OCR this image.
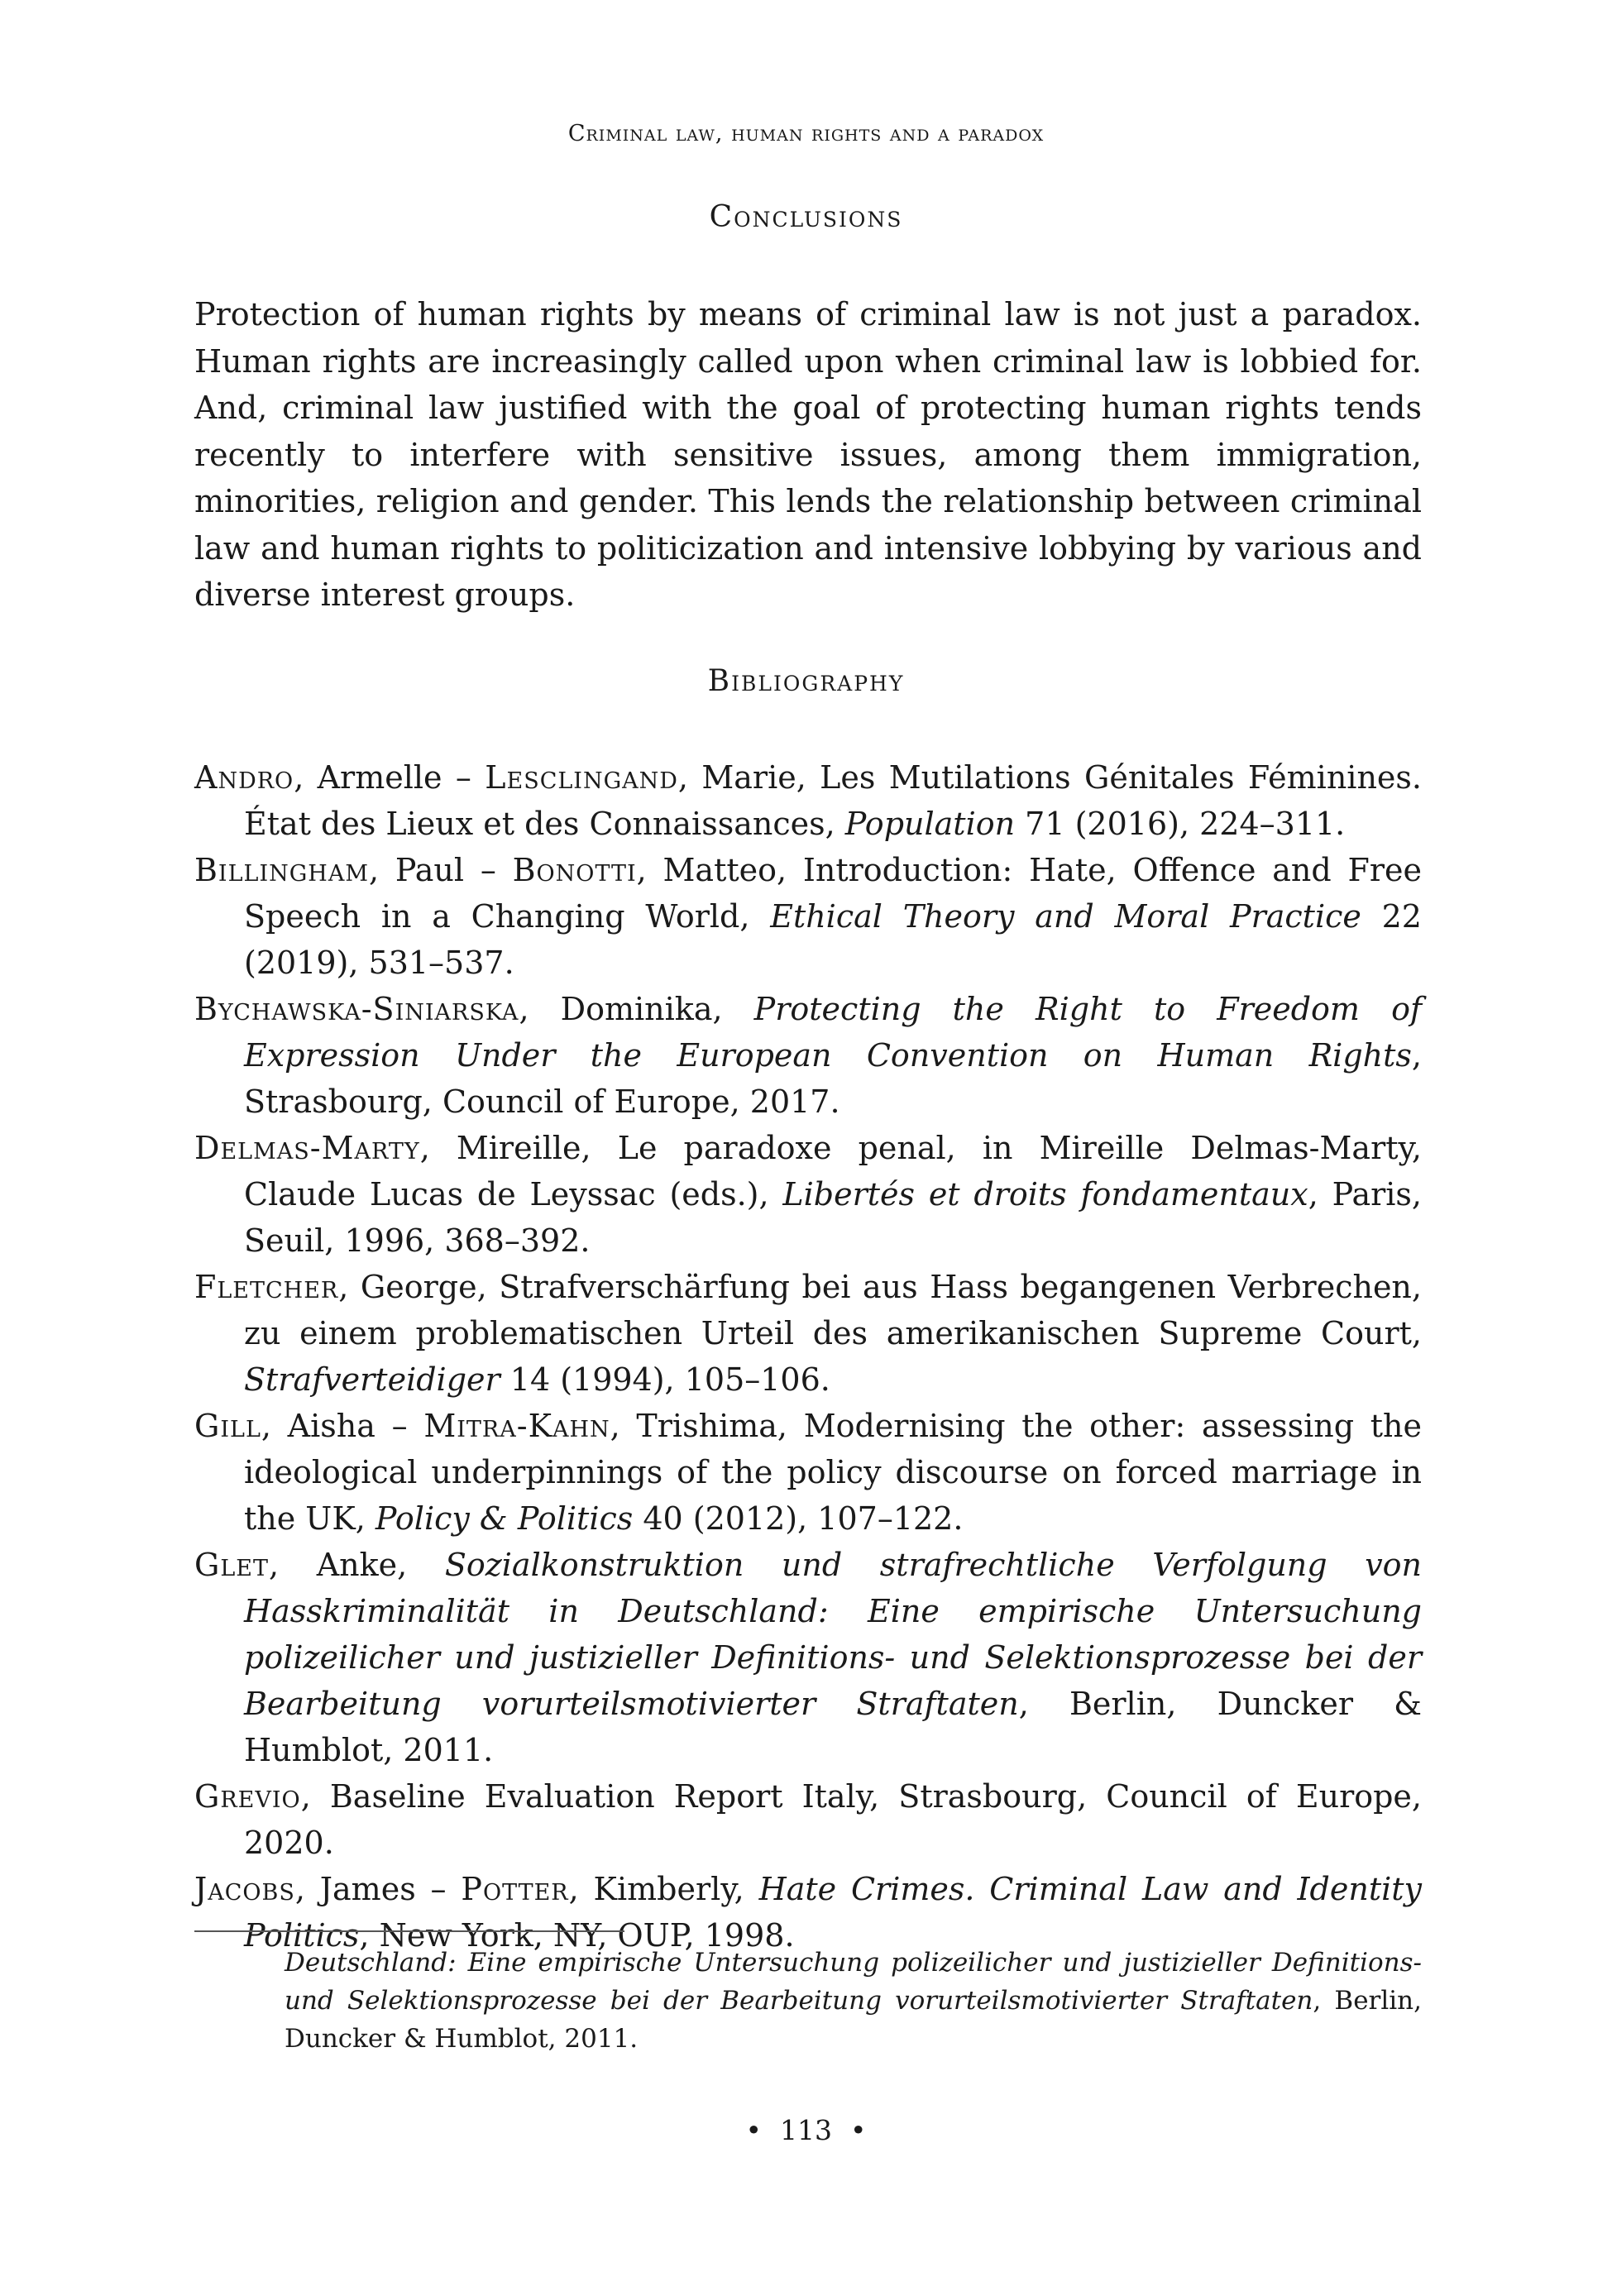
Criminal law, human rights and a paradox
Conclusions

Protection of human rights by means of criminal law is not just a paradox. Human rights are increasingly called upon when criminal law is lobbied for. And, criminal law justified with the goal of protecting human rights tends recently to interfere with sensitive issues, among them immigration, minorities, religion and gender. This lends the relationship between criminal law and human rights to politicization and intensive lobbying by various and diverse interest groups.

Bibliography

Andro, Armelle – Lesclingand, Marie, Les Mutilations Génitales Féminines. État des Lieux et des Connaissances, Population 71 (2016), 224–311.

Billingham, Paul – Bonotti, Matteo, Introduction: Hate, Offence and Free Speech in a Changing World, Ethical Theory and Moral Practice 22 (2019), 531–537.

Bychawska-Siniarska, Dominika, Protecting the Right to Freedom of Expression Under the European Convention on Human Rights, Strasbourg, Council of Europe, 2017.

Delmas-Marty, Mireille, Le paradoxe penal, in Mireille Delmas-Marty, Claude Lucas de Leyssac (eds.), Libertés et droits fondamentaux, Paris, Seuil, 1996, 368–392.

Fletcher, George, Strafverschärfung bei aus Hass begangenen Verbrechen, zu einem problematischen Urteil des amerikanischen Supreme Court, Strafverteidiger 14 (1994), 105–106.

Gill, Aisha – Mitra-Kahn, Trishima, Modernising the other: assessing the ideological underpinnings of the policy discourse on forced marriage in the UK, Policy & Politics 40 (2012), 107–122.

Glet, Anke, Sozialkonstruktion und strafrechtliche Verfolgung von Hasskriminalität in Deutschland: Eine empirische Untersuchung polizeilicher und justizieller Definitions- und Selektionsprozesse bei der Bearbeitung vorurteilsmotivierter Straftaten, Berlin, Duncker & Humblot, 2011.

Grevio, Baseline Evaluation Report Italy, Strasbourg, Council of Europe, 2020.

Jacobs, James – Potter, Kimberly, Hate Crimes. Criminal Law and Identity Politics, New York, NY, OUP, 1998.

Deutschland: Eine empirische Untersuchung polizeilicher und justizieller Definitions- und Selektionsprozesse bei der Bearbeitung vorurteilsmotivierter Straftaten, Berlin, Duncker & Humblot, 2011.

• 113 •
